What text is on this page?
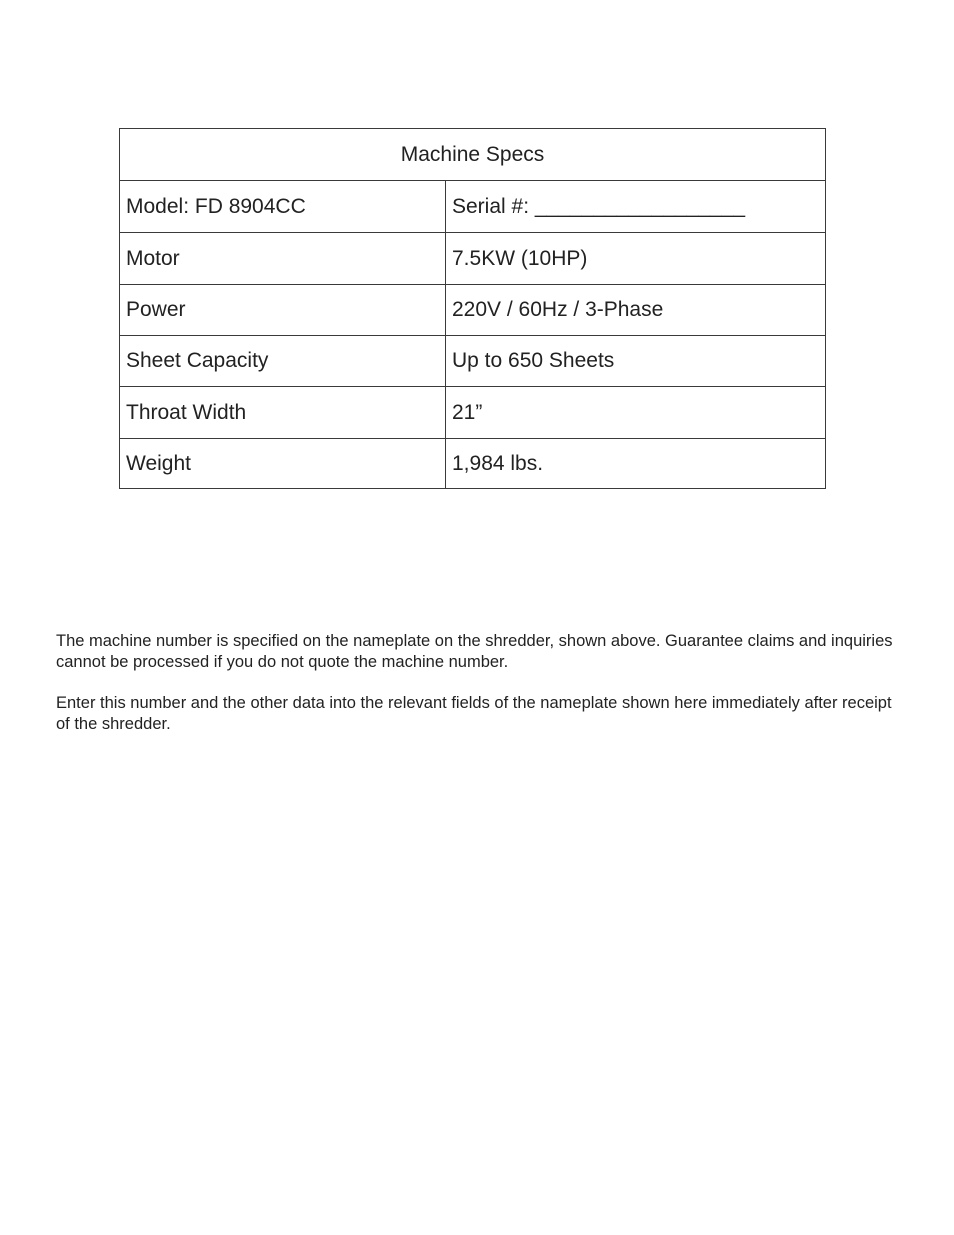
Machine Specs	
Model: FD 8904CC	Serial #: __________________
Motor	7.5KW (10HP)
Power	220V / 60Hz / 3-Phase
Sheet Capacity	Up to 650 Sheets
Throat Width	21”
Weight	1,984 lbs.

The machine number is specified on the nameplate on the shredder, shown above. Guarantee claims and inquiries cannot be processed if you do not quote the machine number.

Enter this number and the other data into the relevant fields of the nameplate shown here immediately after receipt of the shredder.
